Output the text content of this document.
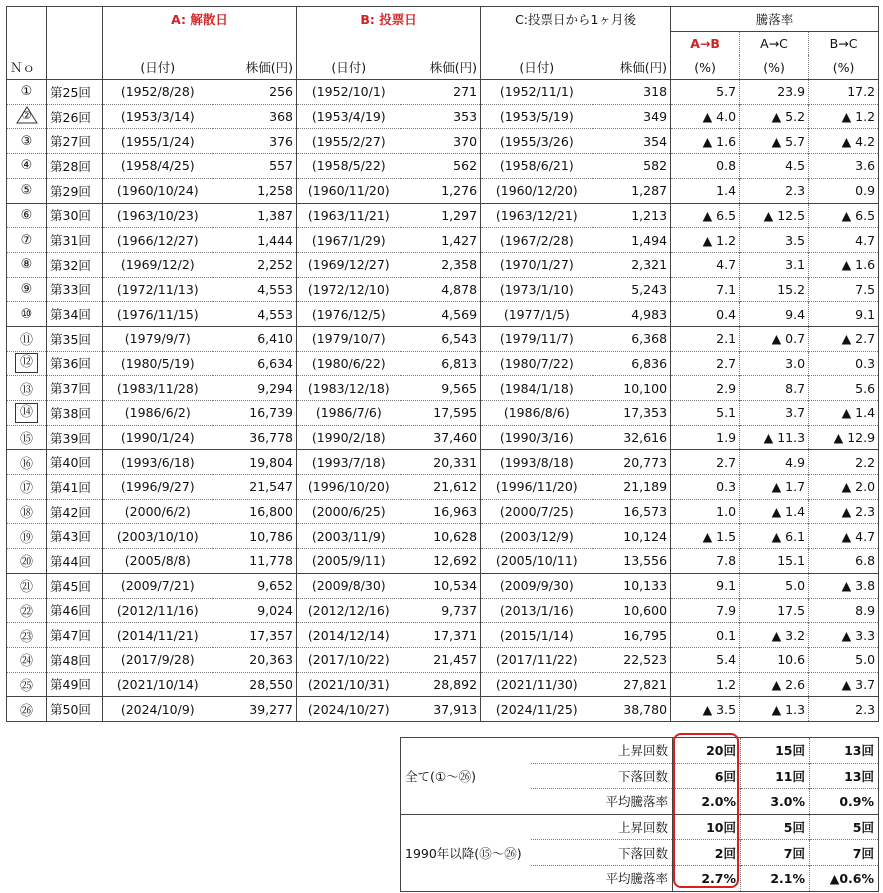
		A: 解散日		B: 投票日		C:投票日から1ヶ月後		騰落率		
								A→B	A→C	B→C
Ｎｏ		(日付)	株価(円)	(日付)	株価(円)	(日付)	株価(円)	(%)	(%)	(%)
①	第25回	(1952/8/28)	256	(1952/10/1)	271	(1952/11/1)	318	5.7	23.9	17.2

②	第26回	(1953/3/14)	368	(1953/4/19)	353	(1953/5/19)	349	▲ 4.0	▲ 5.2	▲ 1.2
③	第27回	(1955/1/24)	376	(1955/2/27)	370	(1955/3/26)	354	▲ 1.6	▲ 5.7	▲ 4.2
④	第28回	(1958/4/25)	557	(1958/5/22)	562	(1958/6/21)	582	0.8	4.5	3.6
⑤	第29回	(1960/10/24)	1,258	(1960/11/20)	1,276	(1960/12/20)	1,287	1.4	2.3	0.9
⑥	第30回	(1963/10/23)	1,387	(1963/11/21)	1,297	(1963/12/21)	1,213	▲ 6.5	▲ 12.5	▲ 6.5
⑦	第31回	(1966/12/27)	1,444	(1967/1/29)	1,427	(1967/2/28)	1,494	▲ 1.2	3.5	4.7
⑧	第32回	(1969/12/2)	2,252	(1969/12/27)	2,358	(1970/1/27)	2,321	4.7	3.1	▲ 1.6
⑨	第33回	(1972/11/13)	4,553	(1972/12/10)	4,878	(1973/1/10)	5,243	7.1	15.2	7.5
⑩	第34回	(1976/11/15)	4,553	(1976/12/5)	4,569	(1977/1/5)	4,983	0.4	9.4	9.1
⑪	第35回	(1979/9/7)	6,410	(1979/10/7)	6,543	(1979/11/7)	6,368	2.1	▲ 0.7	▲ 2.7
⑫	第36回	(1980/5/19)	6,634	(1980/6/22)	6,813	(1980/7/22)	6,836	2.7	3.0	0.3
⑬	第37回	(1983/11/28)	9,294	(1983/12/18)	9,565	(1984/1/18)	10,100	2.9	8.7	5.6
⑭	第38回	(1986/6/2)	16,739	(1986/7/6)	17,595	(1986/8/6)	17,353	5.1	3.7	▲ 1.4
⑮	第39回	(1990/1/24)	36,778	(1990/2/18)	37,460	(1990/3/16)	32,616	1.9	▲ 11.3	▲ 12.9
⑯	第40回	(1993/6/18)	19,804	(1993/7/18)	20,331	(1993/8/18)	20,773	2.7	4.9	2.2
⑰	第41回	(1996/9/27)	21,547	(1996/10/20)	21,612	(1996/11/20)	21,189	0.3	▲ 1.7	▲ 2.0
⑱	第42回	(2000/6/2)	16,800	(2000/6/25)	16,963	(2000/7/25)	16,573	1.0	▲ 1.4	▲ 2.3
⑲	第43回	(2003/10/10)	10,786	(2003/11/9)	10,628	(2003/12/9)	10,124	▲ 1.5	▲ 6.1	▲ 4.7
⑳	第44回	(2005/8/8)	11,778	(2005/9/11)	12,692	(2005/10/11)	13,556	7.8	15.1	6.8
㉑	第45回	(2009/7/21)	9,652	(2009/8/30)	10,534	(2009/9/30)	10,133	9.1	5.0	▲ 3.8
㉒	第46回	(2012/11/16)	9,024	(2012/12/16)	9,737	(2013/1/16)	10,600	7.9	17.5	8.9
㉓	第47回	(2014/11/21)	17,357	(2014/12/14)	17,371	(2015/1/14)	16,795	0.1	▲ 3.2	▲ 3.3
㉔	第48回	(2017/9/28)	20,363	(2017/10/22)	21,457	(2017/11/22)	22,523	5.4	10.6	5.0
㉕	第49回	(2021/10/14)	28,550	(2021/10/31)	28,892	(2021/11/30)	27,821	1.2	▲ 2.6	▲ 3.7
㉖	第50回	(2024/10/9)	39,277	(2024/10/27)	37,913	(2024/11/25)	38,780	▲ 3.5	▲ 1.3	2.3
全て(①～㉖)	上昇回数	20回	15回	13回
	下落回数	6回	11回	13回
	平均騰落率	2.0%	3.0%	0.9%
1990年以降(⑮～㉖)	上昇回数	10回	5回	5回
	下落回数	2回	7回	7回
	平均騰落率	2.7%	2.1%	▲0.6%
